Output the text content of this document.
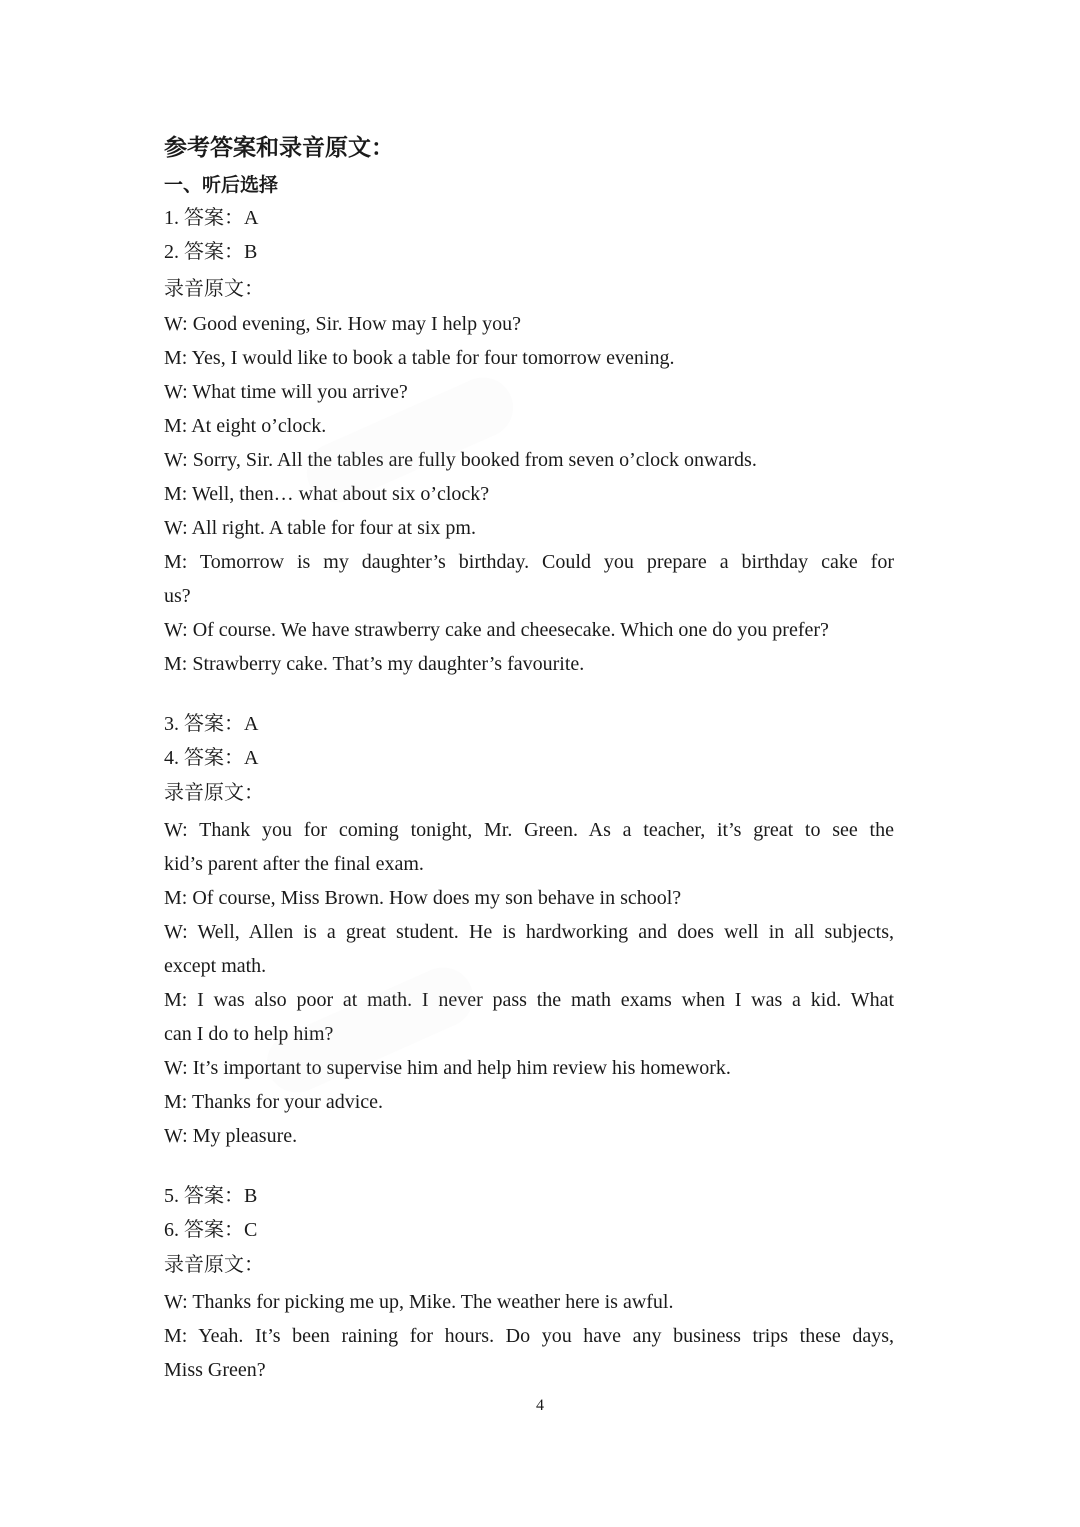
参考答案和录音原文：
一、听后选择
1. 答案：A
2. 答案：B
录音原文：
W: Good evening, Sir. How may I help you?
M: Yes, I would like to book a table for four tomorrow evening.
W: What time will you arrive?
M: At eight o’clock.
W: Sorry, Sir. All the tables are fully booked from seven o’clock onwards.
M: Well, then… what about six o’clock?
W: All right. A table for four at six pm.
M: Tomorrow is my daughter’s birthday. Could you prepare a birthday cake for
us?
W: Of course. We have strawberry cake and cheesecake. Which one do you prefer?
M: Strawberry cake. That’s my daughter’s favourite.
3. 答案：A
4. 答案：A
录音原文：
W: Thank you for coming tonight, Mr. Green. As a teacher, it’s great to see the
kid’s parent after the final exam.
M: Of course, Miss Brown. How does my son behave in school?
W: Well, Allen is a great student. He is hardworking and does well in all subjects,
except math.
M: I was also poor at math. I never pass the math exams when I was a kid. What
can I do to help him?
W: It’s important to supervise him and help him review his homework.
M: Thanks for your advice.
W: My pleasure.
5. 答案：B
6. 答案：C
录音原文：
W: Thanks for picking me up, Mike. The weather here is awful.
M: Yeah. It’s been raining for hours. Do you have any business trips these days,
Miss Green?
4
